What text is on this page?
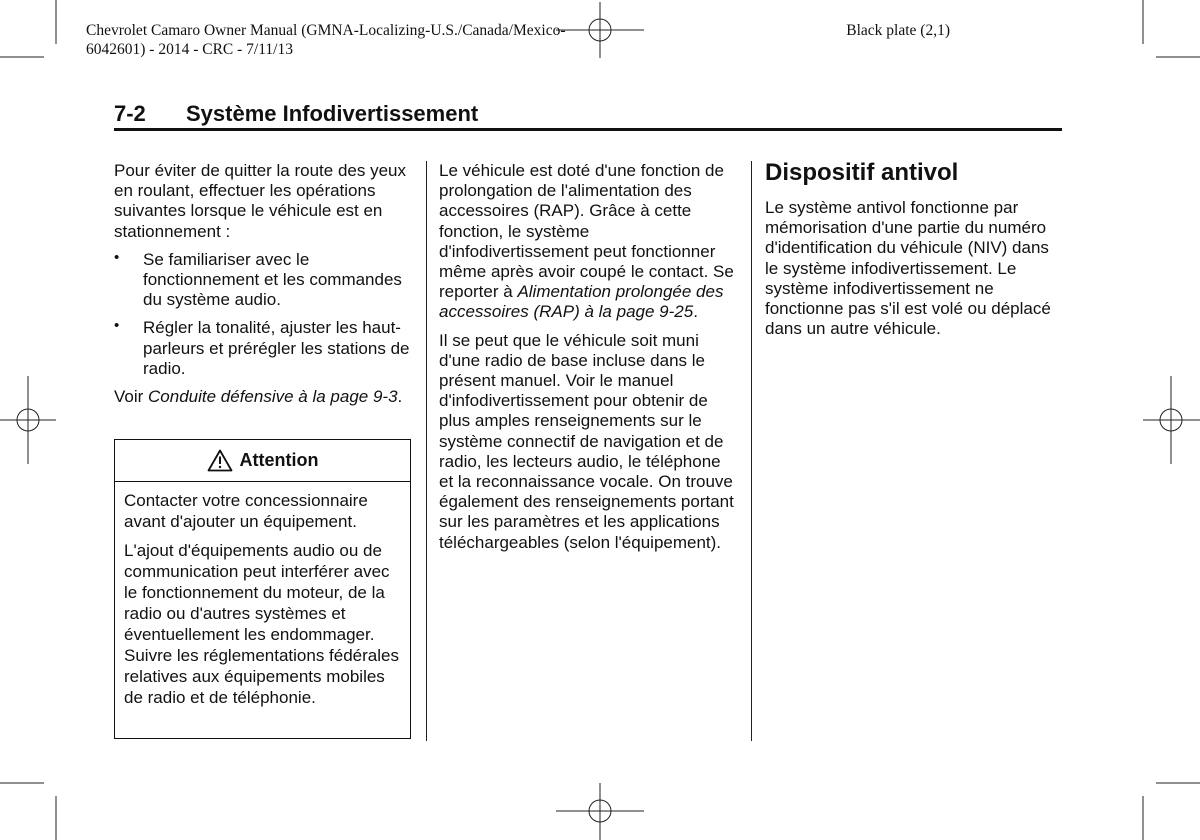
Chevrolet Camaro Owner Manual (GMNA-Localizing-U.S./Canada/Mexico-
6042601) - 2014 - CRC - 7/11/13
Black plate (2,1)
7-2 Système Infodivertissement

Pour éviter de quitter la route des yeux en roulant, effectuer les opérations suivantes lorsque le véhicule est en stationnement :

• Se familiariser avec le fonctionnement et les commandes du système audio.
• Régler la tonalité, ajuster les haut-parleurs et prérégler les stations de radio.

Voir Conduite défensive à la page 9-3.

Attention

Contacter votre concessionnaire avant d'ajouter un équipement.

L'ajout d'équipements audio ou de communication peut interférer avec le fonctionnement du moteur, de la radio ou d'autres systèmes et éventuellement les endommager. Suivre les réglementations fédérales relatives aux équipements mobiles de radio et de téléphonie.

Le véhicule est doté d'une fonction de prolongation de l'alimentation des accessoires (RAP). Grâce à cette fonction, le système d'infodivertissement peut fonctionner même après avoir coupé le contact. Se reporter à Alimentation prolongée des accessoires (RAP) à la page 9-25.

Il se peut que le véhicule soit muni d'une radio de base incluse dans le présent manuel. Voir le manuel d'infodivertissement pour obtenir de plus amples renseignements sur le système connectif de navigation et de radio, les lecteurs audio, le téléphone et la reconnaissance vocale. On trouve également des renseignements portant sur les paramètres et les applications téléchargeables (selon l'équipement).

Dispositif antivol

Le système antivol fonctionne par mémorisation d'une partie du numéro d'identification du véhicule (NIV) dans le système infodivertissement. Le système infodivertissement ne fonctionne pas s'il est volé ou déplacé dans un autre véhicule.
